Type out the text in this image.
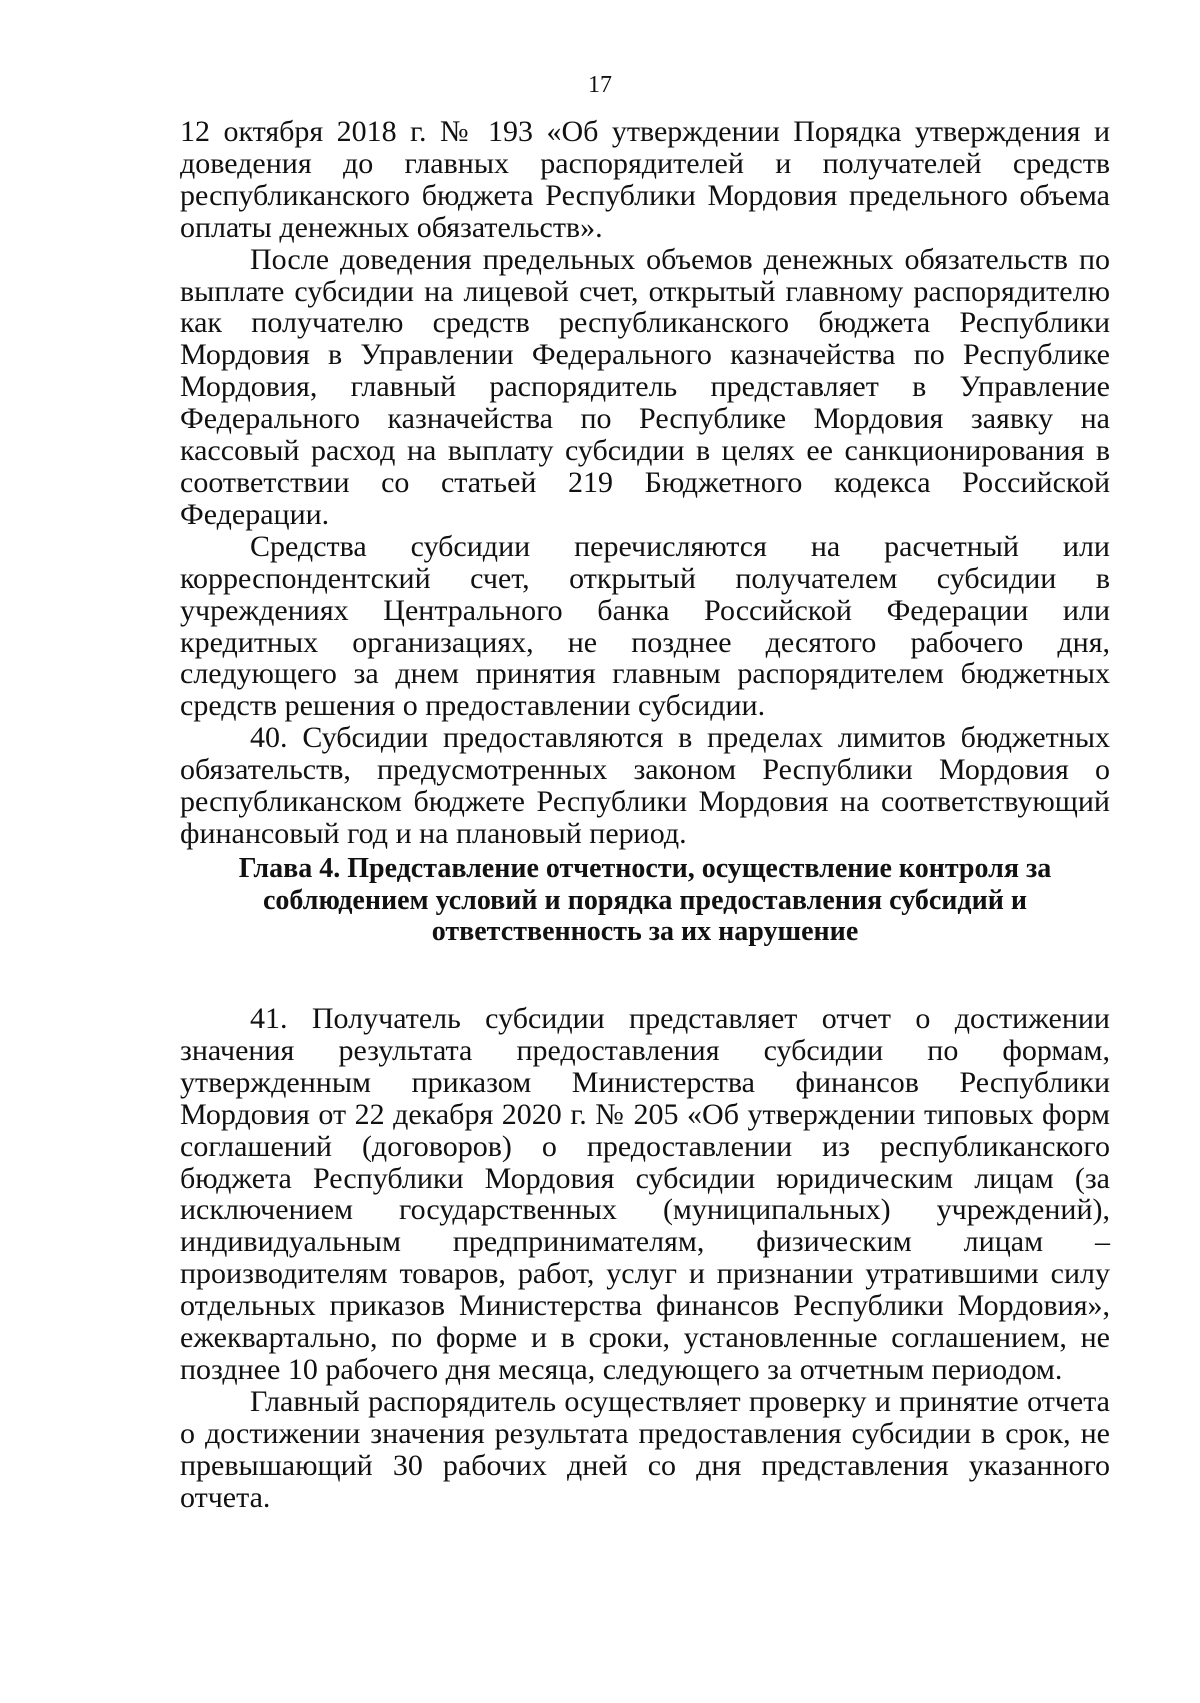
17

12 октября 2018 г. № 193 «Об утверждении Порядка утверждения и доведения до главных распорядителей и получателей средств республиканского бюджета Республики Мордовия предельного объема оплаты денежных обязательств».

После доведения предельных объемов денежных обязательств по выплате субсидии на лицевой счет, открытый главному распорядителю как получателю средств республиканского бюджета Республики Мордовия в Управлении Федерального казначейства по Республике Мордовия, главный распорядитель представляет в Управление Федерального казначейства по Республике Мордовия заявку на кассовый расход на выплату субсидии в целях ее санкционирования в соответствии со статьей 219 Бюджетного кодекса Российской Федерации.

Средства субсидии перечисляются на расчетный или корреспондентский счет, открытый получателем субсидии в учреждениях Центрального банка Российской Федерации или кредитных организациях, не позднее десятого рабочего дня, следующего за днем принятия главным распорядителем бюджетных средств решения о предоставлении субсидии.

40. Субсидии предоставляются в пределах лимитов бюджетных обязательств, предусмотренных законом Республики Мордовия о республиканском бюджете Республики Мордовия на соответствующий финансовый год и на плановый период.

Глава 4. Представление отчетности, осуществление контроля за
соблюдением условий и порядка предоставления субсидий и
ответственность за их нарушение

41. Получатель субсидии представляет отчет о достижении значения результата предоставления субсидии по формам, утвержденным приказом Министерства финансов Республики Мордовия от 22 декабря 2020 г. № 205 «Об утверждении типовых форм соглашений (договоров) о предоставлении из республиканского бюджета Республики Мордовия субсидии юридическим лицам (за исключением государственных (муниципальных) учреждений), индивидуальным предпринимателям, физическим лицам – производителям товаров, работ, услуг и признании утратившими силу отдельных приказов Министерства финансов Республики Мордовия», ежеквартально, по форме и в сроки, установленные соглашением, не позднее 10 рабочего дня месяца, следующего за отчетным периодом.

Главный распорядитель осуществляет проверку и принятие отчета о достижении значения результата предоставления субсидии в срок, не превышающий 30 рабочих дней со дня представления указанного отчета.
